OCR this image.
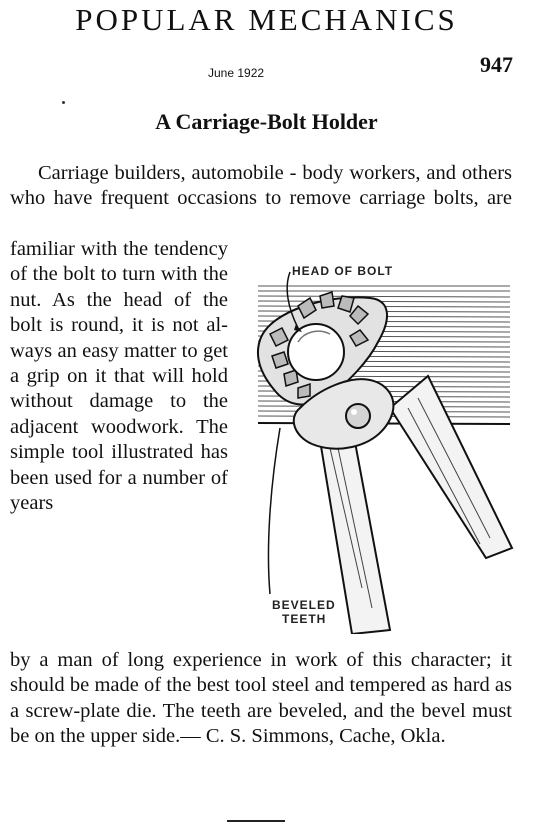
POPULAR MECHANICS
June 1922	947
A Carriage-Bolt Holder
Carriage builders, automobile - body workers, and others who have frequent occasions to remove carriage bolts, are
familiar with the tendency of the bolt to turn with the nut. As the head of the bolt is round, it is not always an easy matter to get a grip on it that will hold without damage to the adjacent woodwork. The simple tool illustrated has been used for a number of years
HEAD OF BOLT
BEVELED
TEETH
by a man of long experience in work of this character; it should be made of the best tool steel and tempered as hard as a screw-plate die. The teeth are beveled, and the bevel must be on the upper side.— C. S. Simmons, Cache, Okla.
